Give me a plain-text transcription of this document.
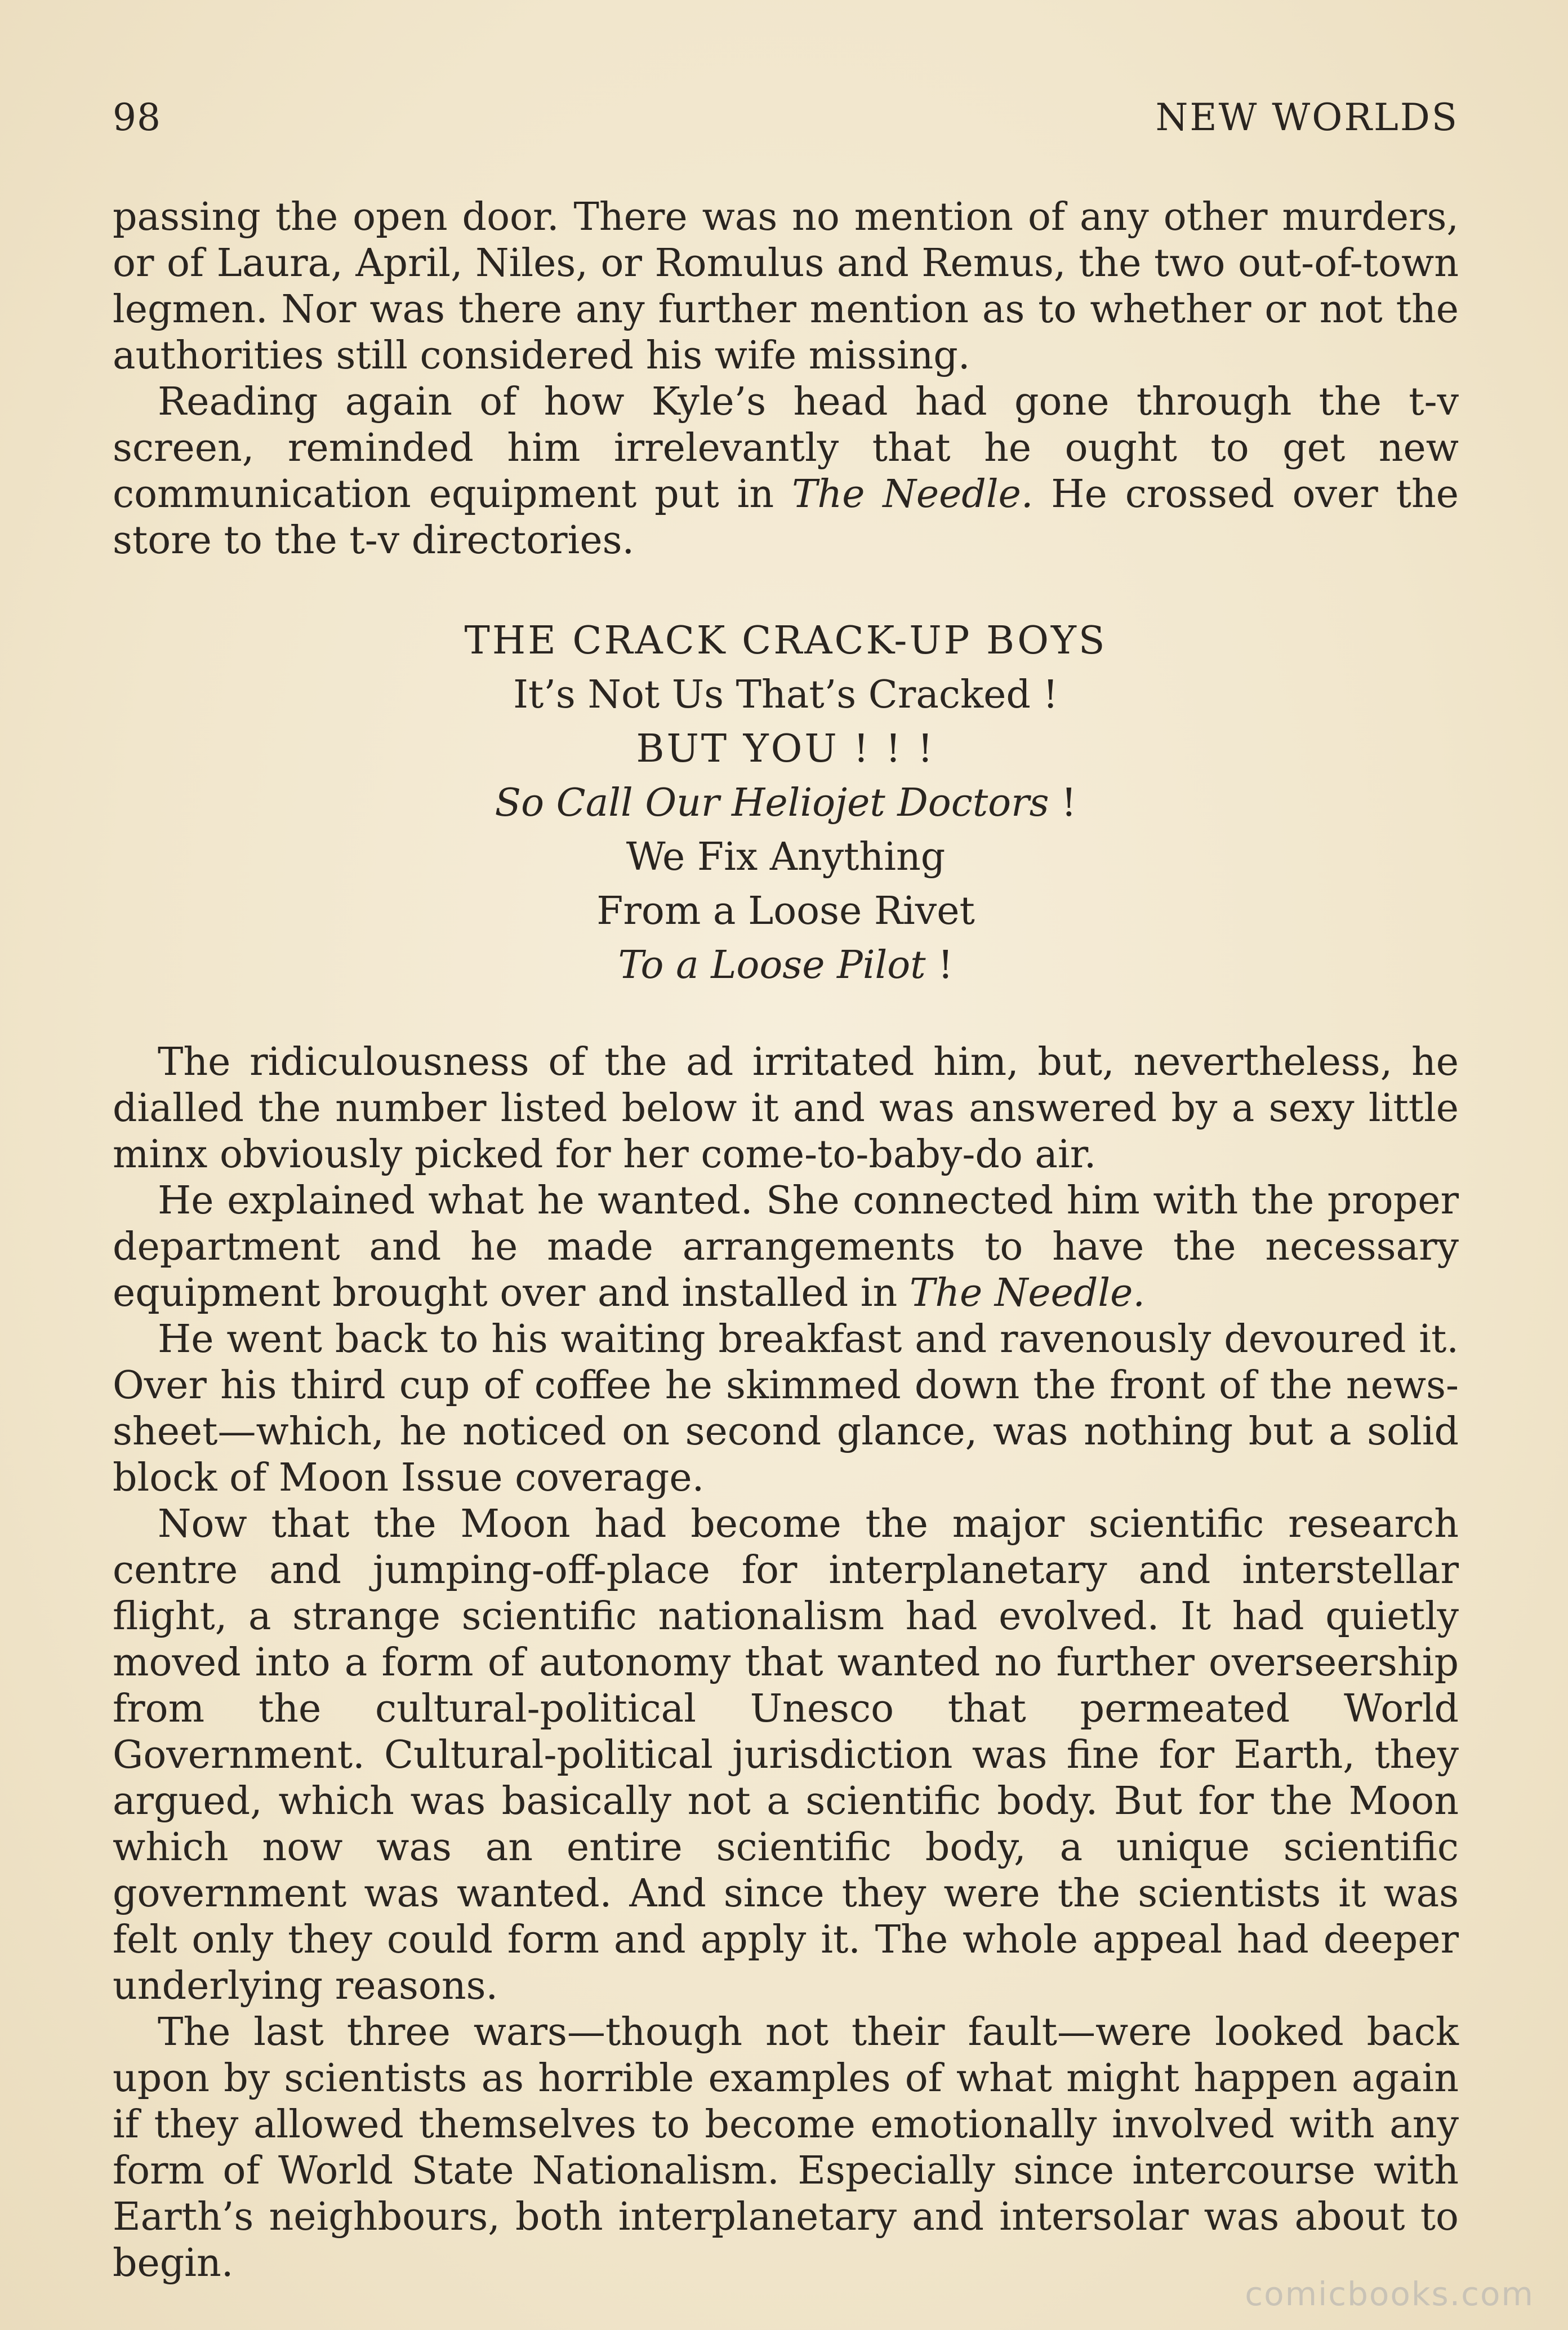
98	NEW WORLDS

passing the open door. There was no mention of any other murders, or of Laura, April, Niles, or Romulus and Remus, the two out-of-town legmen. Nor was there any further mention as to whether or not the authorities still considered his wife missing.

Reading again of how Kyle’s head had gone through the t-v screen, reminded him irrelevantly that he ought to get new communication equipment put in The Needle. He crossed over the store to the t-v directories.

THE CRACK CRACK-UP BOYS
It’s Not Us That’s Cracked !
BUT YOU ! ! !
So Call Our Heliojet Doctors !
We Fix Anything
From a Loose Rivet
To a Loose Pilot !

The ridiculousness of the ad irritated him, but, nevertheless, he dialled the number listed below it and was answered by a sexy little minx obviously picked for her come-to-baby-do air.

He explained what he wanted. She connected him with the proper department and he made arrangements to have the necessary equipment brought over and installed in The Needle.

He went back to his waiting breakfast and ravenously devoured it. Over his third cup of coffee he skimmed down the front of the news-sheet—which, he noticed on second glance, was nothing but a solid block of Moon Issue coverage.

Now that the Moon had become the major scientific research centre and jumping-off-place for interplanetary and interstellar flight, a strange scientific nationalism had evolved. It had quietly moved into a form of autonomy that wanted no further overseership from the cultural-political Unesco that permeated World Government. Cultural-political jurisdiction was fine for Earth, they argued, which was basically not a scientific body. But for the Moon which now was an entire scientific body, a unique scientific government was wanted. And since they were the scientists it was felt only they could form and apply it. The whole appeal had deeper underlying reasons.

The last three wars—though not their fault—were looked back upon by scientists as horrible examples of what might happen again if they allowed themselves to become emotionally involved with any form of World State Nationalism. Especially since intercourse with Earth’s neighbours, both interplanetary and intersolar was about to begin.

comicbooks.com
